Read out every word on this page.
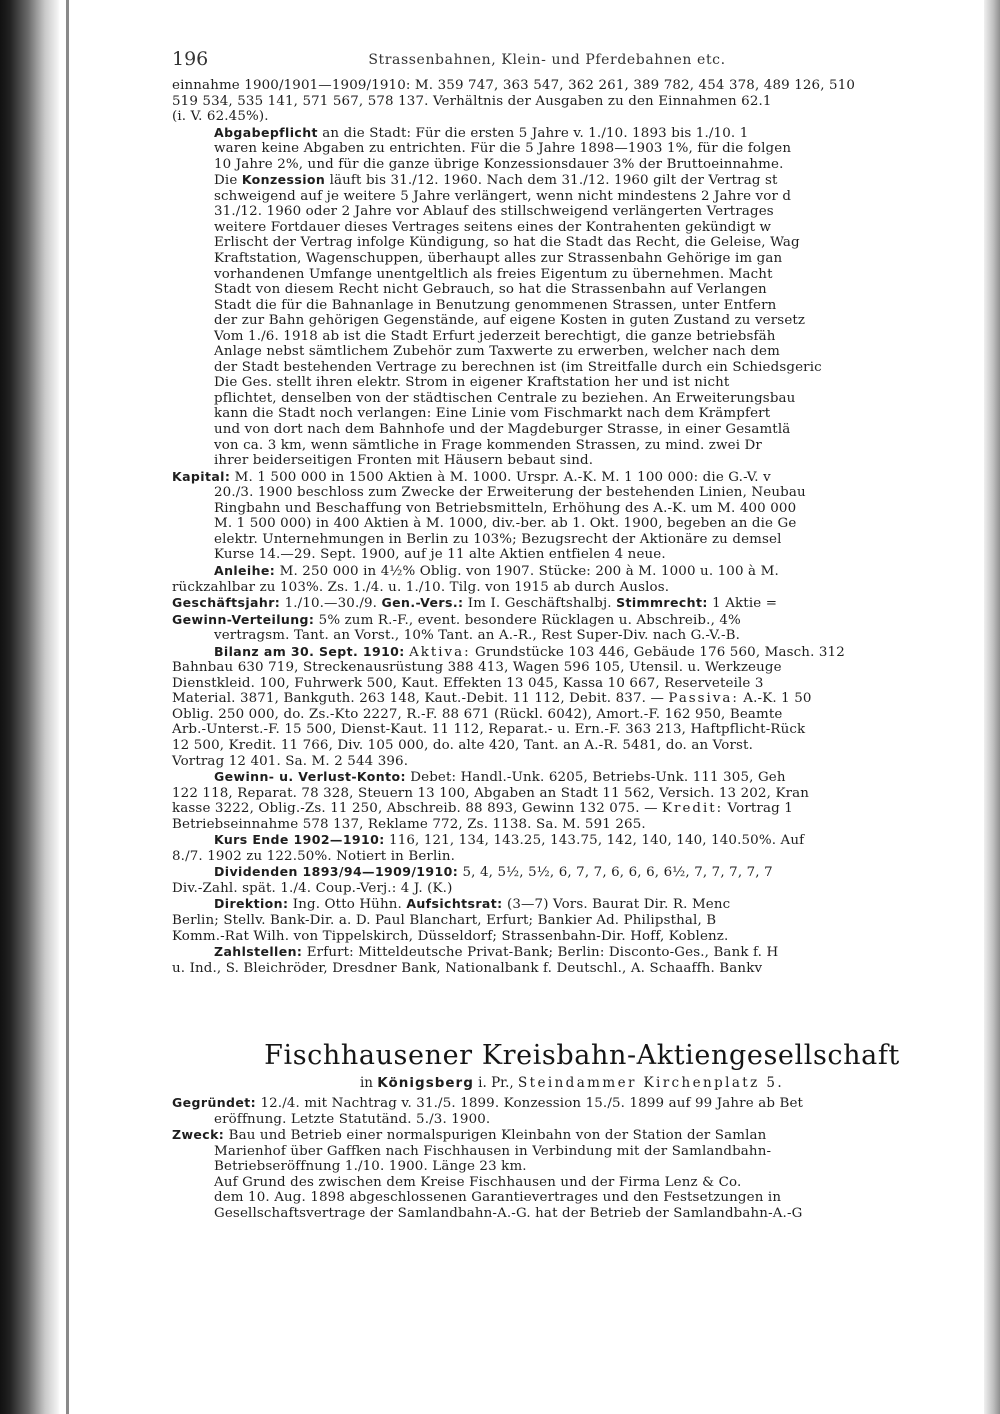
196	Strassenbahnen, Klein- und Pferdebahnen etc.

einnahme 1900/1901—1909/1910: M. 359 747, 363 547, 362 261, 389 782, 454 378, 489 126, 510

519 534, 535 141, 571 567, 578 137. Verhältnis der Ausgaben zu den Einnahmen 62.1

(i. V. 62.45%).

Abgabepflicht an die Stadt: Für die ersten 5 Jahre v. 1./10. 1893 bis 1./10. 1

waren keine Abgaben zu entrichten. Für die 5 Jahre 1898—1903 1%, für die folgen

10 Jahre 2%, und für die ganze übrige Konzessionsdauer 3% der Bruttoeinnahme.

Die Konzession läuft bis 31./12. 1960. Nach dem 31./12. 1960 gilt der Vertrag st

schweigend auf je weitere 5 Jahre verlängert, wenn nicht mindestens 2 Jahre vor d

31./12. 1960 oder 2 Jahre vor Ablauf des stillschweigend verlängerten Vertrages

weitere Fortdauer dieses Vertrages seitens eines der Kontrahenten gekündigt w

Erlischt der Vertrag infolge Kündigung, so hat die Stadt das Recht, die Geleise, Wag

Kraftstation, Wagenschuppen, überhaupt alles zur Strassenbahn Gehörige im gan

vorhandenen Umfange unentgeltlich als freies Eigentum zu übernehmen. Macht

Stadt von diesem Recht nicht Gebrauch, so hat die Strassenbahn auf Verlangen

Stadt die für die Bahnanlage in Benutzung genommenen Strassen, unter Entfern

der zur Bahn gehörigen Gegenstände, auf eigene Kosten in guten Zustand zu versetz

Vom 1./6. 1918 ab ist die Stadt Erfurt jederzeit berechtigt, die ganze betriebsfäh

Anlage nebst sämtlichem Zubehör zum Taxwerte zu erwerben, welcher nach dem

der Stadt bestehenden Vertrage zu berechnen ist (im Streitfalle durch ein Schiedsgeric

Die Ges. stellt ihren elektr. Strom in eigener Kraftstation her und ist nicht

pflichtet, denselben von der städtischen Centrale zu beziehen. An Erweiterungsbau

kann die Stadt noch verlangen: Eine Linie vom Fischmarkt nach dem Krämpfert

und von dort nach dem Bahnhofe und der Magdeburger Strasse, in einer Gesamtlä

von ca. 3 km, wenn sämtliche in Frage kommenden Strassen, zu mind. zwei Dr

ihrer beiderseitigen Fronten mit Häusern bebaut sind.

Kapital: M. 1 500 000 in 1500 Aktien à M. 1000. Urspr. A.-K. M. 1 100 000: die G.-V. v

20./3. 1900 beschloss zum Zwecke der Erweiterung der bestehenden Linien, Neubau

Ringbahn und Beschaffung von Betriebsmitteln, Erhöhung des A.-K. um M. 400 000

M. 1 500 000) in 400 Aktien à M. 1000, div.-ber. ab 1. Okt. 1900, begeben an die Ge

elektr. Unternehmungen in Berlin zu 103%; Bezugsrecht der Aktionäre zu demsel

Kurse 14.—29. Sept. 1900, auf je 11 alte Aktien entfielen 4 neue.

Anleihe: M. 250 000 in 4½% Oblig. von 1907. Stücke: 200 à M. 1000 u. 100 à M.

rückzahlbar zu 103%. Zs. 1./4. u. 1./10. Tilg. von 1915 ab durch Auslos.

Geschäftsjahr: 1./10.—30./9. Gen.-Vers.: Im I. Geschäftshalbj. Stimmrecht: 1 Aktie =

Gewinn-Verteilung: 5% zum R.-F., event. besondere Rücklagen u. Abschreib., 4%

vertragsm. Tant. an Vorst., 10% Tant. an A.-R., Rest Super-Div. nach G.-V.-B.

Bilanz am 30. Sept. 1910: Aktiva: Grundstücke 103 446, Gebäude 176 560, Masch. 312

Bahnbau 630 719, Streckenausrüstung 388 413, Wagen 596 105, Utensil. u. Werkzeuge

Dienstkleid. 100, Fuhrwerk 500, Kaut. Effekten 13 045, Kassa 10 667, Reserveteile 3

Material. 3871, Bankguth. 263 148, Kaut.-Debit. 11 112, Debit. 837. — Passiva: A.-K. 1 50

Oblig. 250 000, do. Zs.-Kto 2227, R.-F. 88 671 (Rückl. 6042), Amort.-F. 162 950, Beamte

Arb.-Unterst.-F. 15 500, Dienst-Kaut. 11 112, Reparat.- u. Ern.-F. 363 213, Haftpflicht-Rück

12 500, Kredit. 11 766, Div. 105 000, do. alte 420, Tant. an A.-R. 5481, do. an Vorst.

Vortrag 12 401. Sa. M. 2 544 396.

Gewinn- u. Verlust-Konto: Debet: Handl.-Unk. 6205, Betriebs-Unk. 111 305, Geh

122 118, Reparat. 78 328, Steuern 13 100, Abgaben an Stadt 11 562, Versich. 13 202, Kran

kasse 3222, Oblig.-Zs. 11 250, Abschreib. 88 893, Gewinn 132 075. — Kredit: Vortrag 1

Betriebseinnahme 578 137, Reklame 772, Zs. 1138. Sa. M. 591 265.

Kurs Ende 1902—1910: 116, 121, 134, 143.25, 143.75, 142, 140, 140, 140.50%. Auf

8./7. 1902 zu 122.50%. Notiert in Berlin.

Dividenden 1893/94—1909/1910: 5, 4, 5½, 5½, 6, 7, 7, 6, 6, 6, 6½, 7, 7, 7, 7, 7

Div.-Zahl. spät. 1./4. Coup.-Verj.: 4 J. (K.)

Direktion: Ing. Otto Hühn. Aufsichtsrat: (3—7) Vors. Baurat Dir. R. Menc

Berlin; Stellv. Bank-Dir. a. D. Paul Blanchart, Erfurt; Bankier Ad. Philipsthal, B

Komm.-Rat Wilh. von Tippelskirch, Düsseldorf; Strassenbahn-Dir. Hoff, Koblenz.

Zahlstellen: Erfurt: Mitteldeutsche Privat-Bank; Berlin: Disconto-Ges., Bank f. H

u. Ind., S. Bleichröder, Dresdner Bank, Nationalbank f. Deutschl., A. Schaaffh. Bankv

Fischhausener Kreisbahn-Aktiengesellschaft
in Königsberg i. Pr., Steindammer Kirchenplatz 5.

Gegründet: 12./4. mit Nachtrag v. 31./5. 1899. Konzession 15./5. 1899 auf 99 Jahre ab Bet

eröffnung. Letzte Statutänd. 5./3. 1900.

Zweck: Bau und Betrieb einer normalspurigen Kleinbahn von der Station der Samlan

Marienhof über Gaffken nach Fischhausen in Verbindung mit der Samlandbahn-

Betriebseröffnung 1./10. 1900. Länge 23 km.

Auf Grund des zwischen dem Kreise Fischhausen und der Firma Lenz & Co.

dem 10. Aug. 1898 abgeschlossenen Garantievertrages und den Festsetzungen in

Gesellschaftsvertrage der Samlandbahn-A.-G. hat der Betrieb der Samlandbahn-A.-G
